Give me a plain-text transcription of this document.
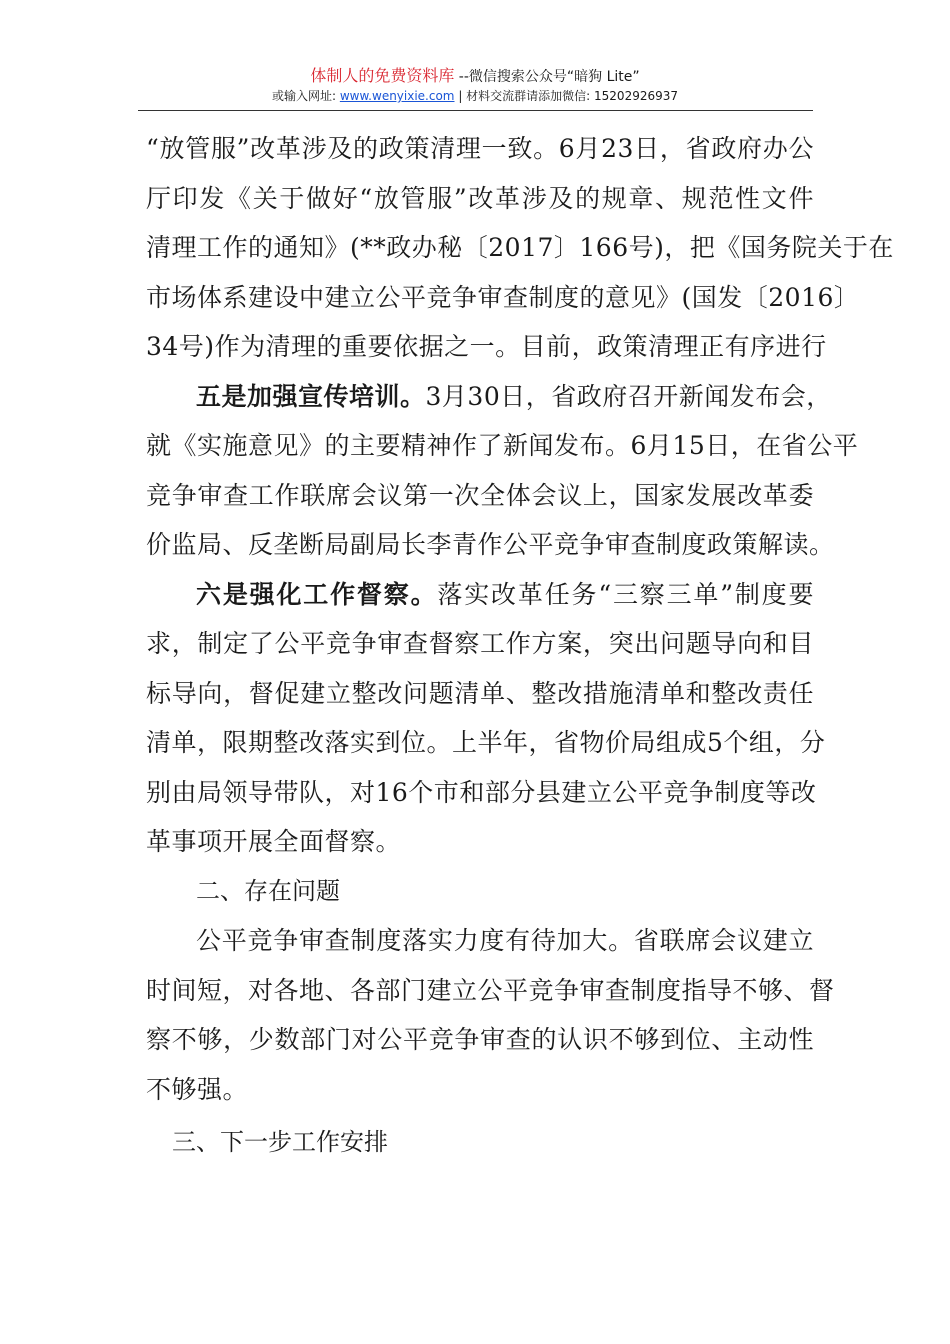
体制人的免费资料库 --微信搜索公众号“暗狗 Lite”
或输入网址: www.wenyixie.com | 材料交流群请添加微信: 15202926937
“放管服”改革涉及的政策清理一致。6月23日，省政府办公
厅印发《关于做好“放管服”改革涉及的规章、规范性文件
清理工作的通知》(**政办秘〔2017〕166号)，把《国务院关于在
市场体系建设中建立公平竞争审查制度的意见》(国发〔2016〕
34号)作为清理的重要依据之一。目前，政策清理正有序进行
五是加强宣传培训。3月30日，省政府召开新闻发布会，
就《实施意见》的主要精神作了新闻发布。6月15日，在省公平
竞争审查工作联席会议第一次全体会议上，国家发展改革委
价监局、反垄断局副局长李青作公平竞争审查制度政策解读。
六是强化工作督察。落实改革任务“三察三单”制度要
求，制定了公平竞争审查督察工作方案，突出问题导向和目
标导向，督促建立整改问题清单、整改措施清单和整改责任
清单，限期整改落实到位。上半年，省物价局组成5个组，分
别由局领导带队，对16个市和部分县建立公平竞争制度等改
革事项开展全面督察。
二、存在问题
公平竞争审查制度落实力度有待加大。省联席会议建立
时间短，对各地、各部门建立公平竞争审查制度指导不够、督
察不够，少数部门对公平竞争审查的认识不够到位、主动性
不够强。
三、下一步工作安排
